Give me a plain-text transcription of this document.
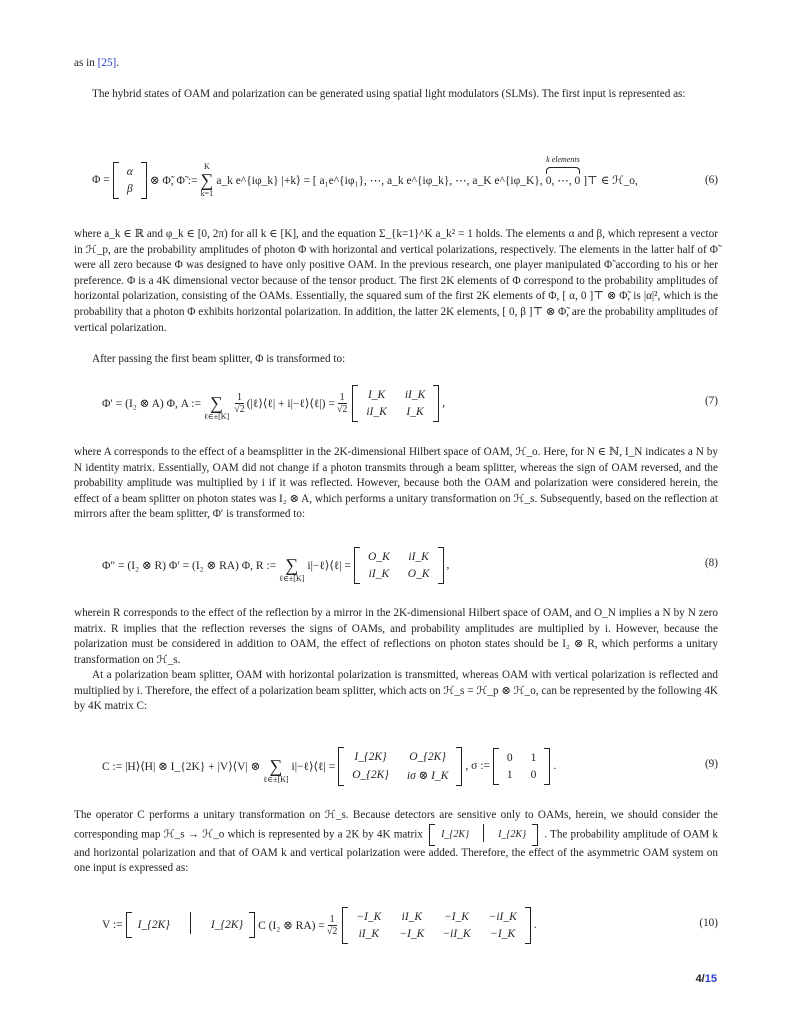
as in [25].

The hybrid states of OAM and polarization can be generated using spatial light modulators (SLMs). The first input is represented as:

Φ =
α
β
⊗ Φ̃, Φ̃ :=
K
∑
k=1
a_k e^{iφ_k} |+k⟩ = [ a₁e^{iφ₁}, ⋯, a_k e^{iφ_k}, ⋯, a_K e^{iφ_K},
k elements
0, ⋯, 0 ]⊤ ∈ ℋ_o,	(6)

where a_k ∈ ℝ and φ_k ∈ [0, 2π) for all k ∈ [K], and the equation Σ_{k=1}^K a_k² = 1 holds. The elements α and β, which represent a vector in ℋ_p, are the probability amplitudes of photon Φ with horizontal and vertical polarizations, respectively. The elements in the latter half of Φ̃ were all zero because Φ was designed to have only positive OAM. In the previous research, one player manipulated Φ̃ according to his or her preference. Φ is a 4K dimensional vector because of the tensor product. The first 2K elements of Φ correspond to the probability amplitudes of horizontal polarization, consisting of the OAMs. Essentially, the squared sum of the first 2K elements of Φ, [ α, 0 ]⊤ ⊗ Φ̃, is |α|², which is the probability that a photon Φ exhibits horizontal polarization. In addition, the latter 2K elements, [ 0, β ]⊤ ⊗ Φ̃, are the probability amplitudes of vertical polarization.

After passing the first beam splitter, Φ is transformed to:

Φ′ = (I₂ ⊗ A) Φ, A :=
∑
ℓ∈±[K]
$\frac{1}{√2}$ (|ℓ⟩⟨ℓ| + i|−ℓ⟩⟨ℓ|) = $\frac{1}{√2}$ I_K iI_K
iI_K I_K
,	(7)

where A corresponds to the effect of a beamsplitter in the 2K-dimensional Hilbert space of OAM, ℋ_o. Here, for N ∈ ℕ, I_N indicates a N by N identity matrix. Essentially, OAM did not change if a photon transmits through a beam splitter, whereas the sign of OAM reversed, and the probability amplitude was multiplied by i if it was reflected. However, because both the OAM and polarization were considered herein, the effect of a beam splitter on photon states was I₂ ⊗ A, which performs a unitary transformation on ℋ_s. Subsequently, based on the reflection at mirrors after the beam splitter, Φ′ is transformed to:

Φ″ = (I₂ ⊗ R) Φ′ = (I₂ ⊗ RA) Φ, R :=
∑
ℓ∈±[K]
i|−ℓ⟩⟨ℓ| =
O_K iI_K
iI_K O_K
,	(8)

wherein R corresponds to the effect of the reflection by a mirror in the 2K-dimensional Hilbert space of OAM, and O_N implies a N by N zero matrix. R implies that the reflection reverses the signs of OAMs, and probability amplitudes are multiplied by i. However, because the polarization must be considered in addition to OAM, the effect of reflections on photon states should be I₂ ⊗ R, which performs a unitary transformation on ℋ_s.

At a polarization beam splitter, OAM with horizontal polarization is transmitted, whereas OAM with vertical polarization is reflected and multiplied by i. Therefore, the effect of a polarization beam splitter, which acts on ℋ_s = ℋ_p ⊗ ℋ_o, can be represented by the following 4K by 4K matrix C:

C := |H⟩⟨H| ⊗ I_{2K} + |V⟩⟨V| ⊗
∑
ℓ∈±[K]
i|−ℓ⟩⟨ℓ| =
I_{2K} O_{2K}
O_{2K} iσ ⊗ I_K
, σ :=
0 1
1 0
.	(9)

The operator C performs a unitary transformation on ℋ_s. Because detectors are sensitive only to OAMs, herein, we should consider the corresponding map ℋ_s → ℋ_o which is represented by a 2K by 4K matrix	I_{2K}	I_{2K}	. The probability amplitude of OAM k and horizontal polarization and that of OAM k and vertical polarization were added. Therefore, the effect of the asymmetric OAM system on one input is expressed as:

V :=	I_{2K}	I_{2K}	C (I₂ ⊗ $RA) = \frac{1}{√2}$ −I_K iI_K −I_K −iI_K
iI_K −I_K −iI_K −I_K
.	(10)
4/15
